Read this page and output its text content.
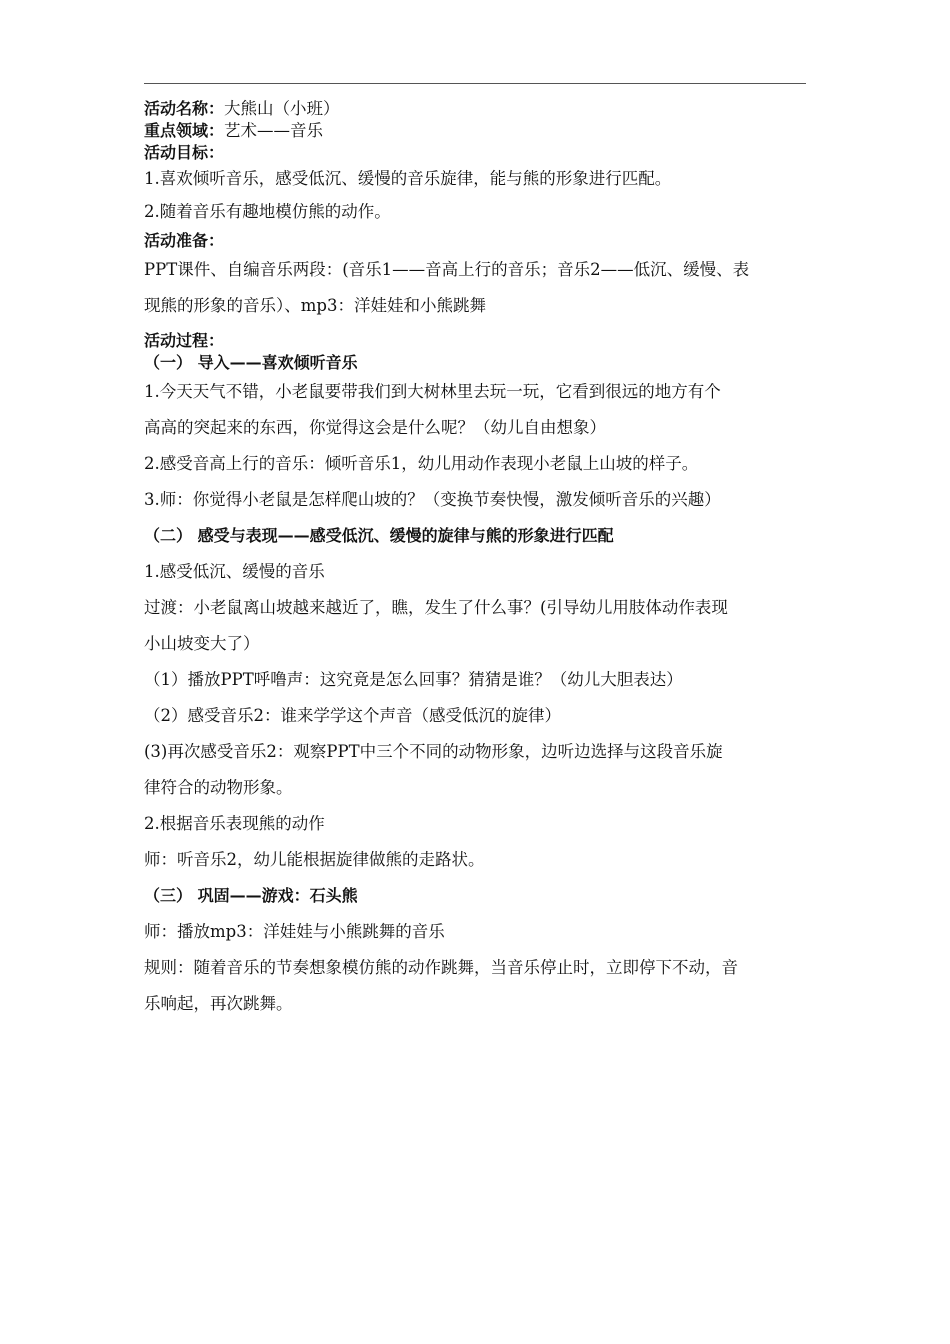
活动名称：大熊山（小班）
重点领域：艺术——音乐
活动目标：
1.喜欢倾听音乐，感受低沉、缓慢的音乐旋律，能与熊的形象进行匹配。
2.随着音乐有趣地模仿熊的动作。
活动准备：
PPT课件、自编音乐两段：(音乐1——音高上行的音乐；音乐2——低沉、缓慢、表
现熊的形象的音乐）、mp3：洋娃娃和小熊跳舞
活动过程：
（一） 导入——喜欢倾听音乐
1.今天天气不错，小老鼠要带我们到大树林里去玩一玩，它看到很远的地方有个
高高的突起来的东西，你觉得这会是什么呢？（幼儿自由想象）
2.感受音高上行的音乐：倾听音乐1，幼儿用动作表现小老鼠上山坡的样子。
3.师：你觉得小老鼠是怎样爬山坡的？（变换节奏快慢，激发倾听音乐的兴趣）
（二） 感受与表现——感受低沉、缓慢的旋律与熊的形象进行匹配
1.感受低沉、缓慢的音乐
过渡：小老鼠离山坡越来越近了，瞧，发生了什么事？(引导幼儿用肢体动作表现
小山坡变大了）
（1）播放PPT呼噜声：这究竟是怎么回事？猜猜是谁？（幼儿大胆表达）
（2）感受音乐2：谁来学学这个声音（感受低沉的旋律）
(3)再次感受音乐2：观察PPT中三个不同的动物形象，边听边选择与这段音乐旋
律符合的动物形象。
2.根据音乐表现熊的动作
师：听音乐2，幼儿能根据旋律做熊的走路状。
（三） 巩固——游戏：石头熊
师：播放mp3：洋娃娃与小熊跳舞的音乐
规则：随着音乐的节奏想象模仿熊的动作跳舞，当音乐停止时，立即停下不动，音
乐响起，再次跳舞。
